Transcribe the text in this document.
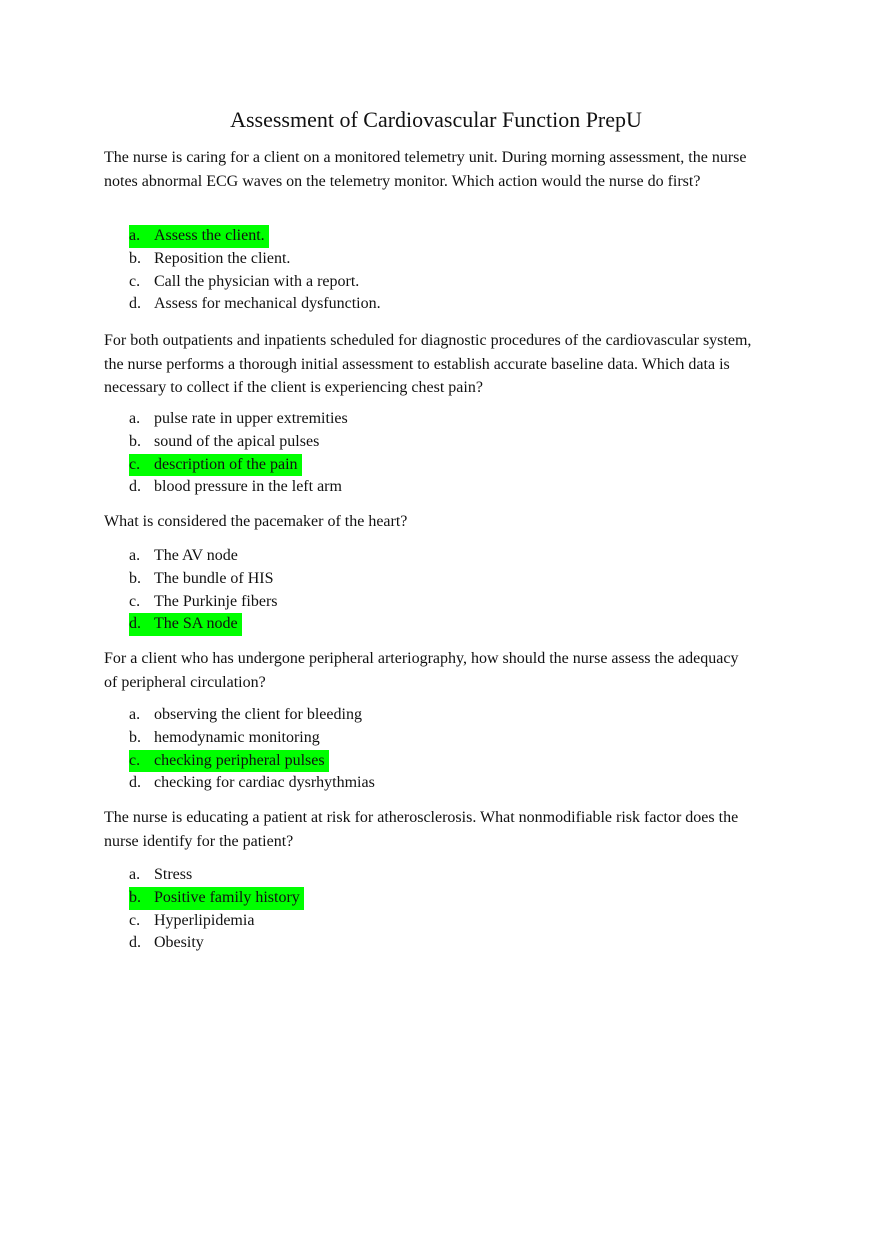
Assessment of Cardiovascular Function PrepU

The nurse is caring for a client on a monitored telemetry unit. During morning assessment, the nurse notes abnormal ECG waves on the telemetry monitor. Which action would the nurse do first?

a. Assess the client.
b. Reposition the client.
c. Call the physician with a report.
d. Assess for mechanical dysfunction.

For both outpatients and inpatients scheduled for diagnostic procedures of the cardiovascular system, the nurse performs a thorough initial assessment to establish accurate baseline data. Which data is necessary to collect if the client is experiencing chest pain?

a. pulse rate in upper extremities
b. sound of the apical pulses
c. description of the pain
d. blood pressure in the left arm

What is considered the pacemaker of the heart?

a. The AV node
b. The bundle of HIS
c. The Purkinje fibers
d. The SA node

For a client who has undergone peripheral arteriography, how should the nurse assess the adequacy of peripheral circulation?

a. observing the client for bleeding
b. hemodynamic monitoring
c. checking peripheral pulses
d. checking for cardiac dysrhythmias

The nurse is educating a patient at risk for atherosclerosis. What nonmodifiable risk factor does the nurse identify for the patient?

a. Stress
b. Positive family history
c. Hyperlipidemia
d. Obesity
